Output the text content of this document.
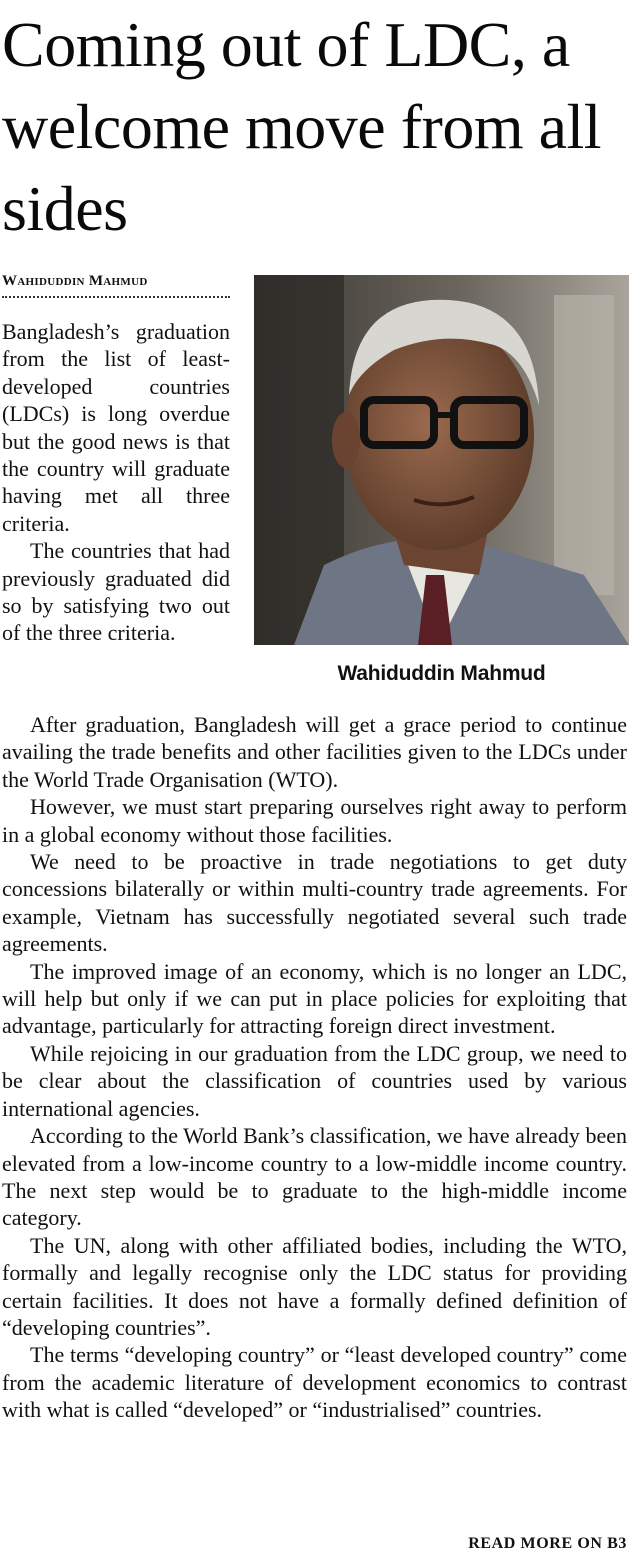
Coming out of LDC, a welcome move from all sides
Wahiduddin Mahmud
Wahiduddin Mahmud

Bangladesh’s graduation from the list of least-developed countries (LDCs) is long overdue but the good news is that the country will graduate having met all three criteria.

The countries that had previously graduated did so by satisfying two out of the three criteria.

After graduation, Bangladesh will get a grace period to continue availing the trade benefits and other facilities given to the LDCs under the World Trade Organisation (WTO).

However, we must start preparing ourselves right away to perform in a global economy without those facilities.

We need to be proactive in trade negotiations to get duty concessions bilaterally or within multi-country trade agreements. For example, Vietnam has successfully negotiated several such trade agreements.

The improved image of an economy, which is no longer an LDC, will help but only if we can put in place policies for exploiting that advantage, particularly for attracting foreign direct investment.

While rejoicing in our graduation from the LDC group, we need to be clear about the classification of countries used by various international agencies.

According to the World Bank’s classification, we have already been elevated from a low-income country to a low-middle income country. The next step would be to graduate to the high-middle income category.

The UN, along with other affiliated bodies, including the WTO, formally and legally recognise only the LDC status for providing certain facilities. It does not have a formally defined definition of “developing countries”.

The terms “developing country” or “least developed country” come from the academic literature of development economics to contrast with what is called “developed” or “industrialised” countries.

READ MORE ON B3
